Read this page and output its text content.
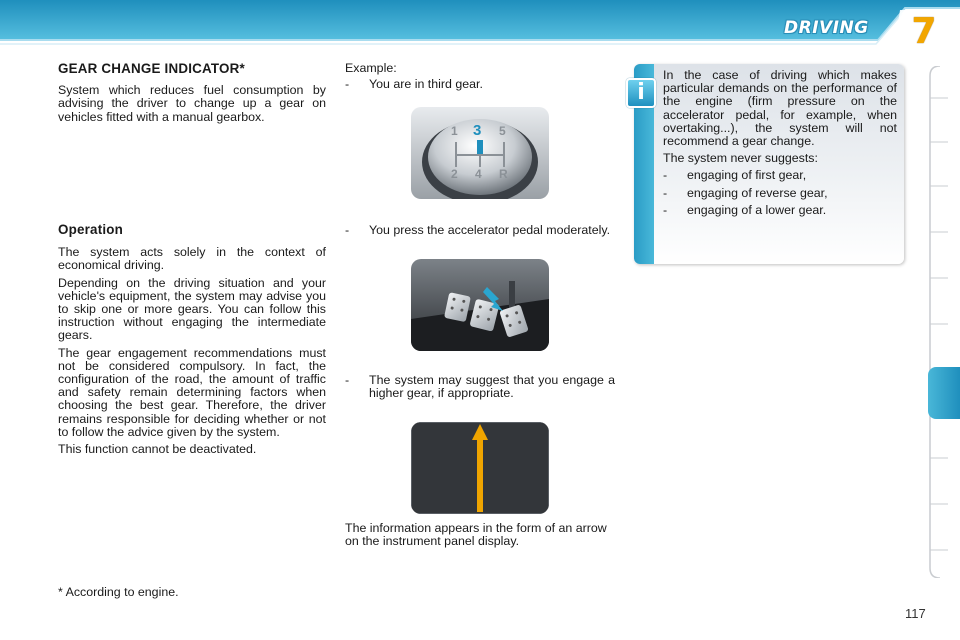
DRIVING	7
GEAR CHANGE INDICATOR*

System which reduces fuel consumption by advising the driver to change up a gear on vehicles fitted with a manual gearbox.

Operation

The system acts solely in the context of economical driving.

Depending on the driving situation and your vehicle's equipment, the system may advise you to skip one or more gears. You can follow this instruction without engaging the intermediate gears.

The gear engagement recommendations must not be considered compulsory. In fact, the configuration of the road, the amount of traffic and safety remain determining factors when choosing the best gear. Therefore, the driver remains responsible for deciding whether or not to follow the advice given by the system.

This function cannot be deactivated.

* According to engine.
Example:
-	You are in third gear.
1 3 5
2 4 R
-	You press the accelerator pedal moderately.
-	The system may suggest that you engage a higher gear, if appropriate.

The information appears in the form of an arrow on the instrument panel display.

i

In the case of driving which makes particular demands on the performance of the engine (firm pressure on the accelerator pedal, for example, when overtaking...), the system will not recommend a gear change.

The system never suggests:

-	engaging of first gear,
-	engaging of reverse gear,
-	engaging of a lower gear.
117
